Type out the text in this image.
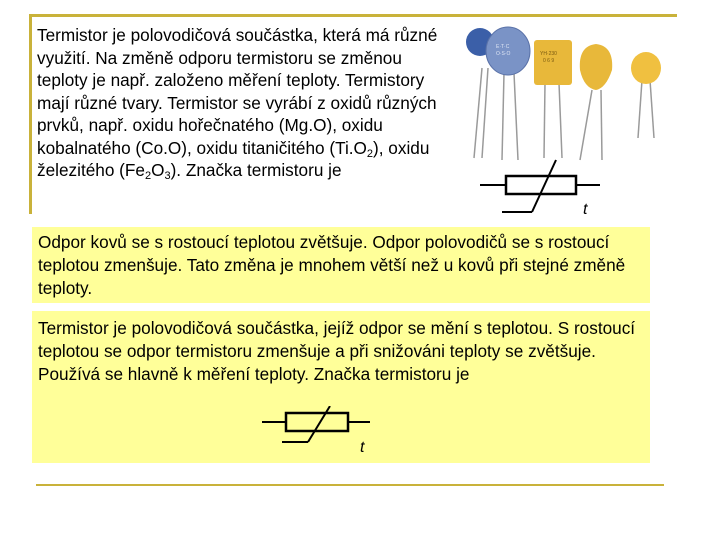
Termistor je polovodičová součástka, která má různé využití. Na změně odporu termistoru se změnou teploty je např. založeno měření teploty. Termistory mají různé tvary. Termistor se vyrábí z oxidů různých prvků, např. oxidu hořečnatého (Mg.O), oxidu kobalnatého (Co.O), oxidu titaničitého $(Ti.O_2)$, oxidu železitého $(Fe_2O_3)$. Značka termistoru je
E·T·C
O·S·O	YH·230
0 6 9
t
Odpor kovů se s rostoucí teplotou zvětšuje. Odpor polovodičů se s rostoucí teplotou zmenšuje. Tato změna je mnohem větší než u kovů při stejné změně teploty.
Termistor je polovodičová součástka, jejíž odpor se mění s teplotou. S rostoucí teplotou se odpor termistoru zmenšuje a při snižováni teploty se zvětšuje. Používá se hlavně k měření teploty. Značka termistoru je
t
